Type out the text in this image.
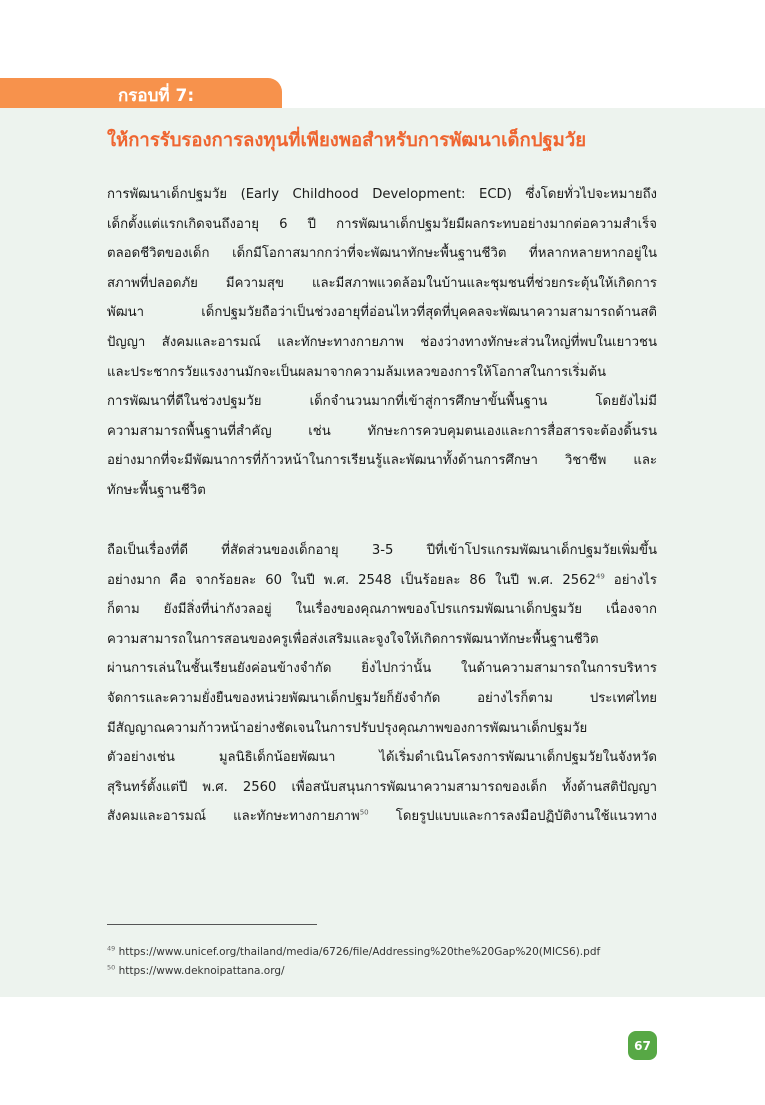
กรอบที่ 7:
ให้การรับรองการลงทุนที่เพียงพอสำหรับการพัฒนาเด็กปฐมวัย
การพัฒนาเด็กปฐมวัย (Early Childhood Development: ECD) ซึ่งโดยทั่วไปจะหมายถึง
เด็กตั้งแต่แรกเกิดจนถึงอายุ 6 ปี การพัฒนาเด็กปฐมวัยมีผลกระทบอย่างมากต่อความสำเร็จ
ตลอดชีวิตของเด็ก เด็กมีโอกาสมากกว่าที่จะพัฒนาทักษะพื้นฐานชีวิต ที่หลากหลายหากอยู่ใน
สภาพที่ปลอดภัย มีความสุข และมีสภาพแวดล้อมในบ้านและชุมชนที่ช่วยกระตุ้นให้เกิดการ
พัฒนา เด็กปฐมวัยถือว่าเป็นช่วงอายุที่อ่อนไหวที่สุดที่บุคคลจะพัฒนาความสามารถด้านสติ
ปัญญา สังคมและอารมณ์ และทักษะทางกายภาพ ช่องว่างทางทักษะส่วนใหญ่ที่พบในเยาวชน
และประชากรวัยแรงงานมักจะเป็นผลมาจากความล้มเหลวของการให้โอกาสในการเริ่มต้น
การพัฒนาที่ดีในช่วงปฐมวัย เด็กจำนวนมากที่เข้าสู่การศึกษาขั้นพื้นฐาน โดยยังไม่มี
ความสามารถพื้นฐานที่สำคัญ เช่น ทักษะการควบคุมตนเองและการสื่อสารจะต้องดิ้นรน
อย่างมากที่จะมีพัฒนาการที่ก้าวหน้าในการเรียนรู้และพัฒนาทั้งด้านการศึกษา วิชาชีพ และ
ทักษะพื้นฐานชีวิต
ถือเป็นเรื่องที่ดี ที่สัดส่วนของเด็กอายุ 3-5 ปีที่เข้าโปรแกรมพัฒนาเด็กปฐมวัยเพิ่มขึ้น
อย่างมาก คือ จากร้อยละ 60 ในปี พ.ศ. 2548 เป็นร้อยละ 86 ในปี พ.ศ. 2562$^{49}$ อย่างไร
ก็ตาม ยังมีสิ่งที่น่ากังวลอยู่ ในเรื่องของคุณภาพของโปรแกรมพัฒนาเด็กปฐมวัย เนื่องจาก
ความสามารถในการสอนของครูเพื่อส่งเสริมและจูงใจให้เกิดการพัฒนาทักษะพื้นฐานชีวิต
ผ่านการเล่นในชั้นเรียนยังค่อนข้างจำกัด ยิ่งไปกว่านั้น ในด้านความสามารถในการบริหาร
จัดการและความยั่งยืนของหน่วยพัฒนาเด็กปฐมวัยก็ยังจำกัด อย่างไรก็ตาม ประเทศไทย
มีสัญญาณความก้าวหน้าอย่างชัดเจนในการปรับปรุงคุณภาพของการพัฒนาเด็กปฐมวัย
ตัวอย่างเช่น มูลนิธิเด็กน้อยพัฒนา ได้เริ่มดำเนินโครงการพัฒนาเด็กปฐมวัยในจังหวัด
สุรินทร์ตั้งแต่ปี พ.ศ. 2560 เพื่อสนับสนุนการพัฒนาความสามารถของเด็ก ทั้งด้านสติปัญญา
สังคมและอารมณ์ และทักษะทางกายภาพ$^{50}$ โดยรูปแบบและการลงมือปฏิบัติงานใช้แนวทาง
$^{49}$ https://www.unicef.org/thailand/media/6726/file/Addressing%20the%20Gap%20(MICS6).pdf
$^{50}$ https://www.deknoipattana.org/
67
